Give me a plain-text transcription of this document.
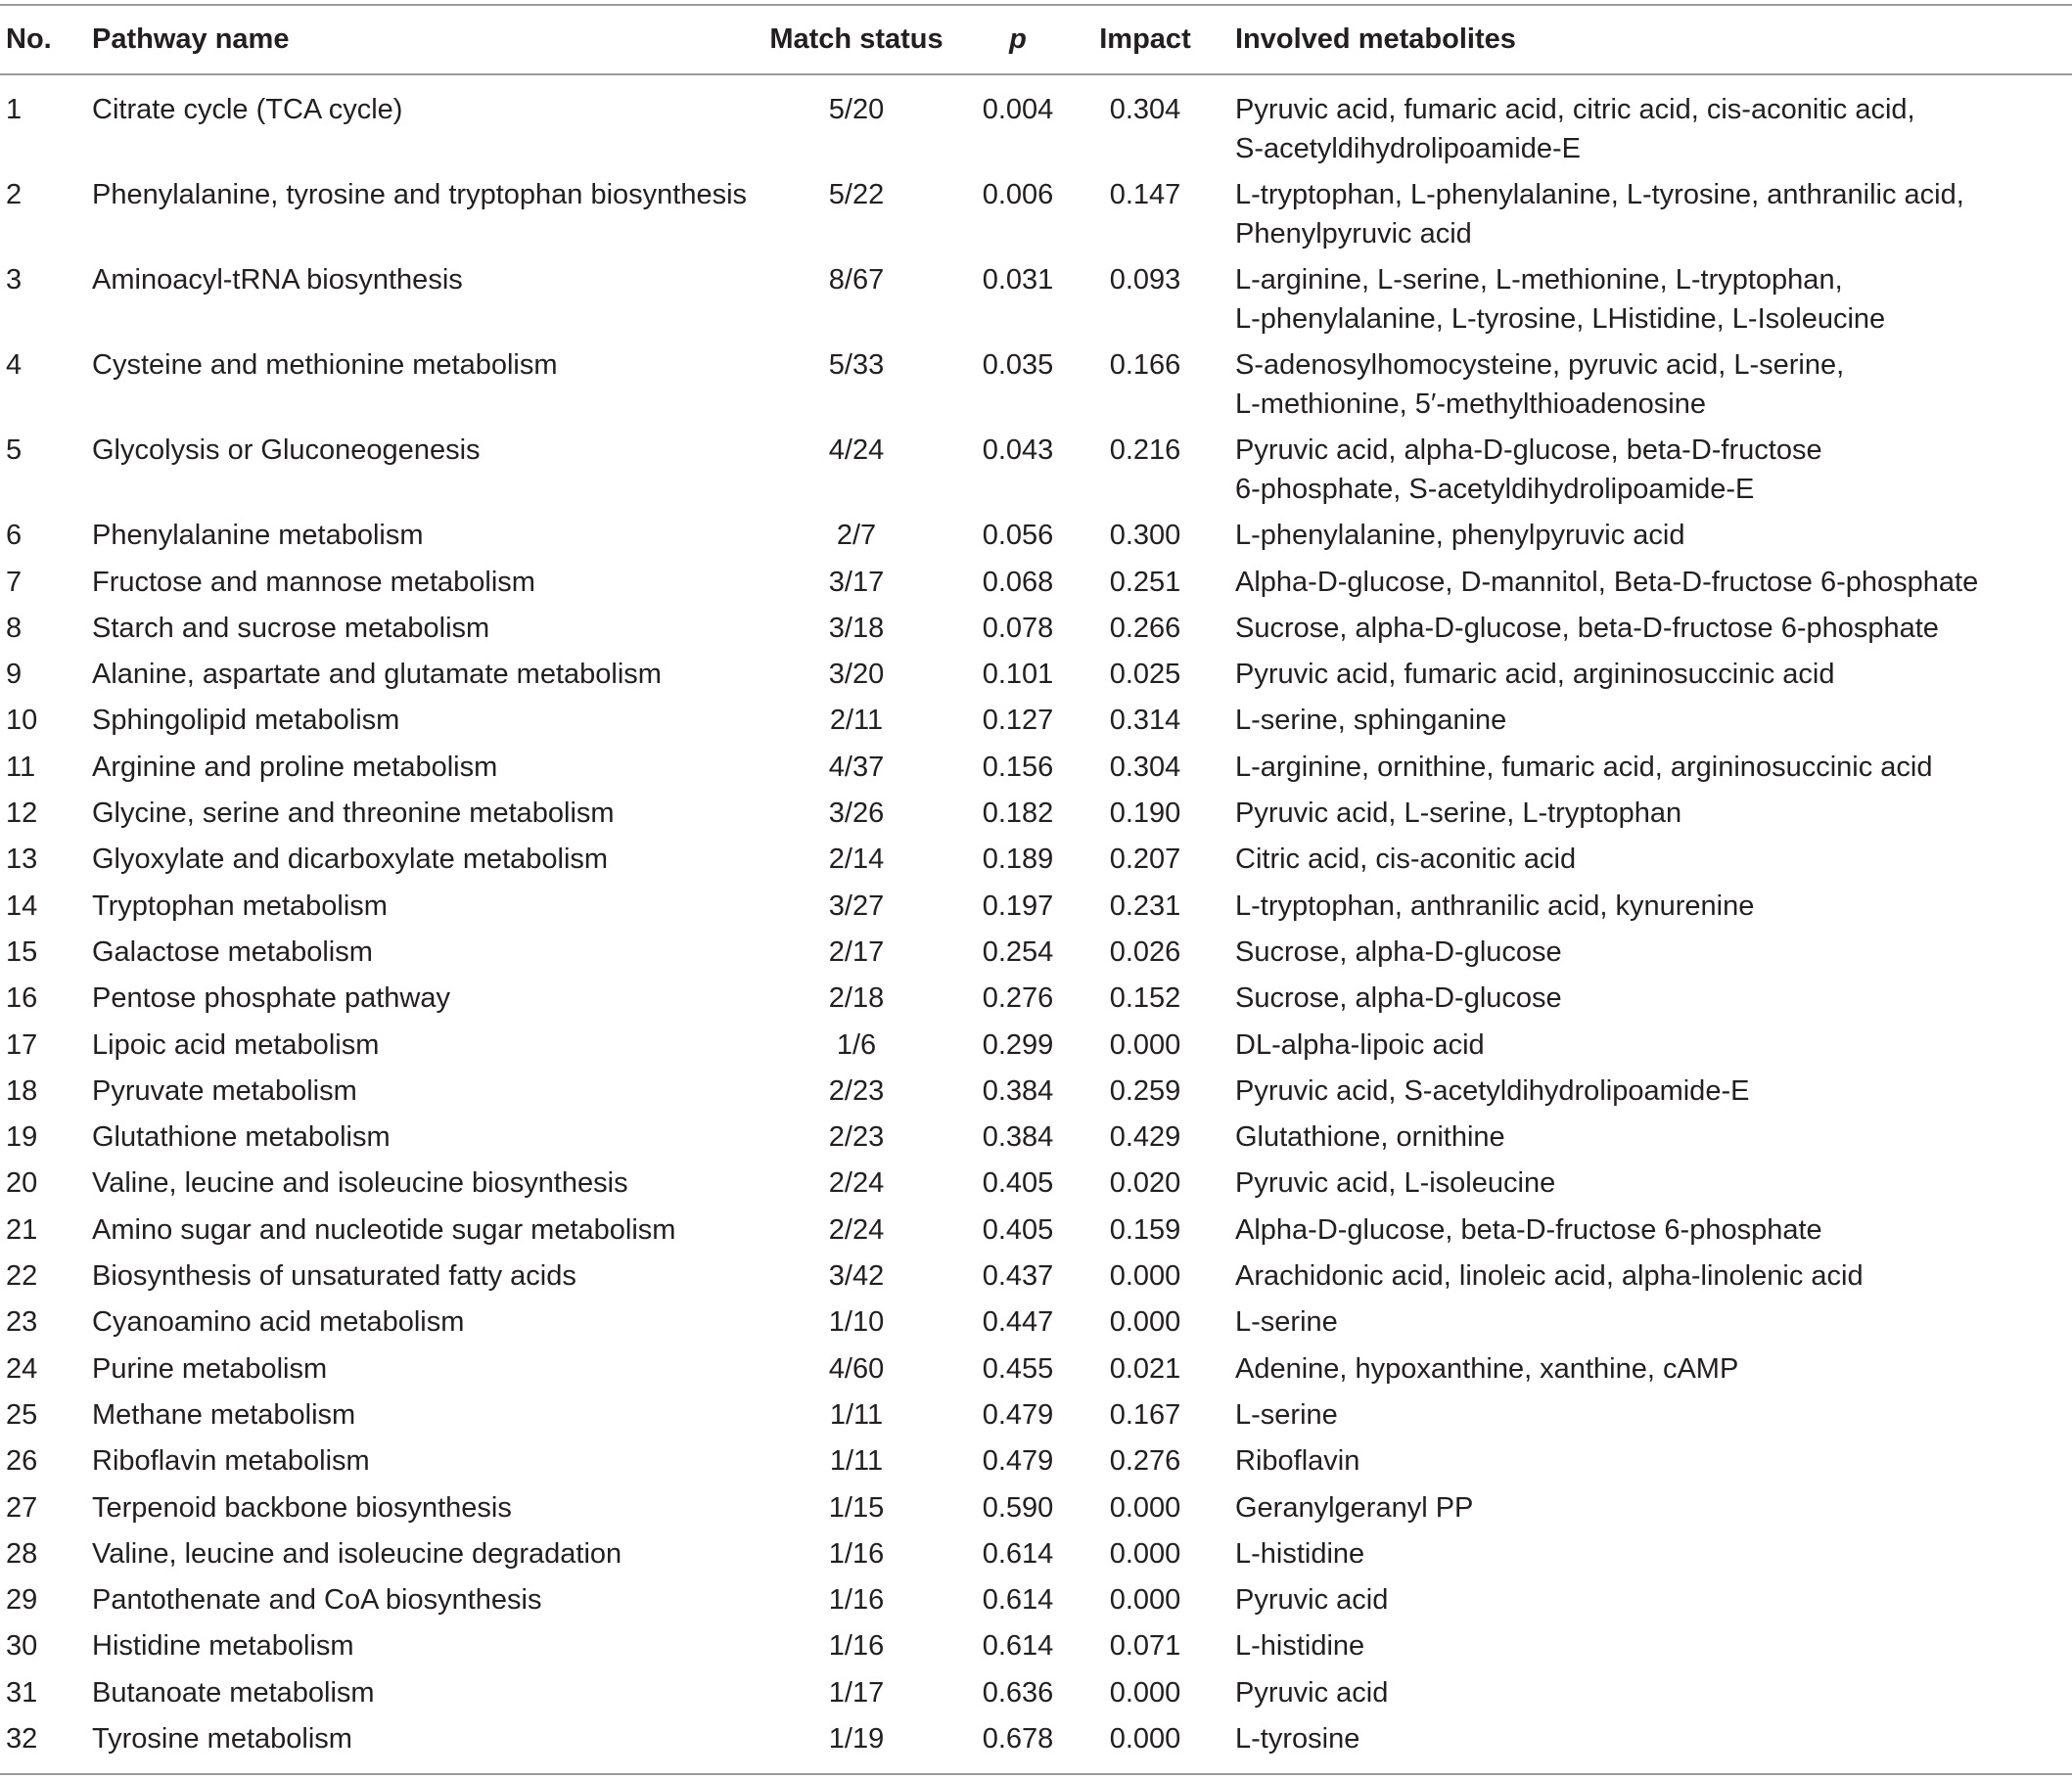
No. Pathway name	Match status	p	Impact	Involved metabolites
1 Citrate cycle (TCA cycle)	5/20	0.004	0.304	Pyruvic acid, fumaric acid, citric acid, cis-aconitic acid,
S-acetyldihydrolipoamide-E
2 Phenylalanine, tyrosine and tryptophan biosynthesis	5/22	0.006	0.147	L-tryptophan, L-phenylalanine, L-tyrosine, anthranilic acid,
Phenylpyruvic acid
3 Aminoacyl-tRNA biosynthesis	8/67	0.031	0.093	L-arginine, L-serine, L-methionine, L-tryptophan,
L-phenylalanine, L-tyrosine, LHistidine, L-Isoleucine
4 Cysteine and methionine metabolism	5/33	0.035	0.166	S-adenosylhomocysteine, pyruvic acid, L-serine,
L-methionine, 5′-methylthioadenosine
5 Glycolysis or Gluconeogenesis	4/24	0.043	0.216	Pyruvic acid, alpha-D-glucose, beta-D-fructose
6-phosphate, S-acetyldihydrolipoamide-E
6 Phenylalanine metabolism	2/7	0.056	0.300	L-phenylalanine, phenylpyruvic acid
7 Fructose and mannose metabolism	3/17	0.068	0.251	Alpha-D-glucose, D-mannitol, Beta-D-fructose 6-phosphate
8 Starch and sucrose metabolism	3/18	0.078	0.266	Sucrose, alpha-D-glucose, beta-D-fructose 6-phosphate
9 Alanine, aspartate and glutamate metabolism	3/20	0.101	0.025	Pyruvic acid, fumaric acid, argininosuccinic acid
10 Sphingolipid metabolism	2/11	0.127	0.314	L-serine, sphinganine
11 Arginine and proline metabolism	4/37	0.156	0.304	L-arginine, ornithine, fumaric acid, argininosuccinic acid
12 Glycine, serine and threonine metabolism	3/26	0.182	0.190	Pyruvic acid, L-serine, L-tryptophan
13 Glyoxylate and dicarboxylate metabolism	2/14	0.189	0.207	Citric acid, cis-aconitic acid
14 Tryptophan metabolism	3/27	0.197	0.231	L-tryptophan, anthranilic acid, kynurenine
15 Galactose metabolism	2/17	0.254	0.026	Sucrose, alpha-D-glucose
16 Pentose phosphate pathway	2/18	0.276	0.152	Sucrose, alpha-D-glucose
17 Lipoic acid metabolism	1/6	0.299	0.000	DL-alpha-lipoic acid
18 Pyruvate metabolism	2/23	0.384	0.259	Pyruvic acid, S-acetyldihydrolipoamide-E
19 Glutathione metabolism	2/23	0.384	0.429	Glutathione, ornithine
20 Valine, leucine and isoleucine biosynthesis	2/24	0.405	0.020	Pyruvic acid, L-isoleucine
21 Amino sugar and nucleotide sugar metabolism	2/24	0.405	0.159	Alpha-D-glucose, beta-D-fructose 6-phosphate
22 Biosynthesis of unsaturated fatty acids	3/42	0.437	0.000	Arachidonic acid, linoleic acid, alpha-linolenic acid
23 Cyanoamino acid metabolism	1/10	0.447	0.000	L-serine
24 Purine metabolism	4/60	0.455	0.021	Adenine, hypoxanthine, xanthine, cAMP
25 Methane metabolism	1/11	0.479	0.167	L-serine
26 Riboflavin metabolism	1/11	0.479	0.276	Riboflavin
27 Terpenoid backbone biosynthesis	1/15	0.590	0.000	Geranylgeranyl PP
28 Valine, leucine and isoleucine degradation	1/16	0.614	0.000	L-histidine
29 Pantothenate and CoA biosynthesis	1/16	0.614	0.000	Pyruvic acid
30 Histidine metabolism	1/16	0.614	0.071	L-histidine
31 Butanoate metabolism	1/17	0.636	0.000	Pyruvic acid
32 Tyrosine metabolism	1/19	0.678	0.000	L-tyrosine
